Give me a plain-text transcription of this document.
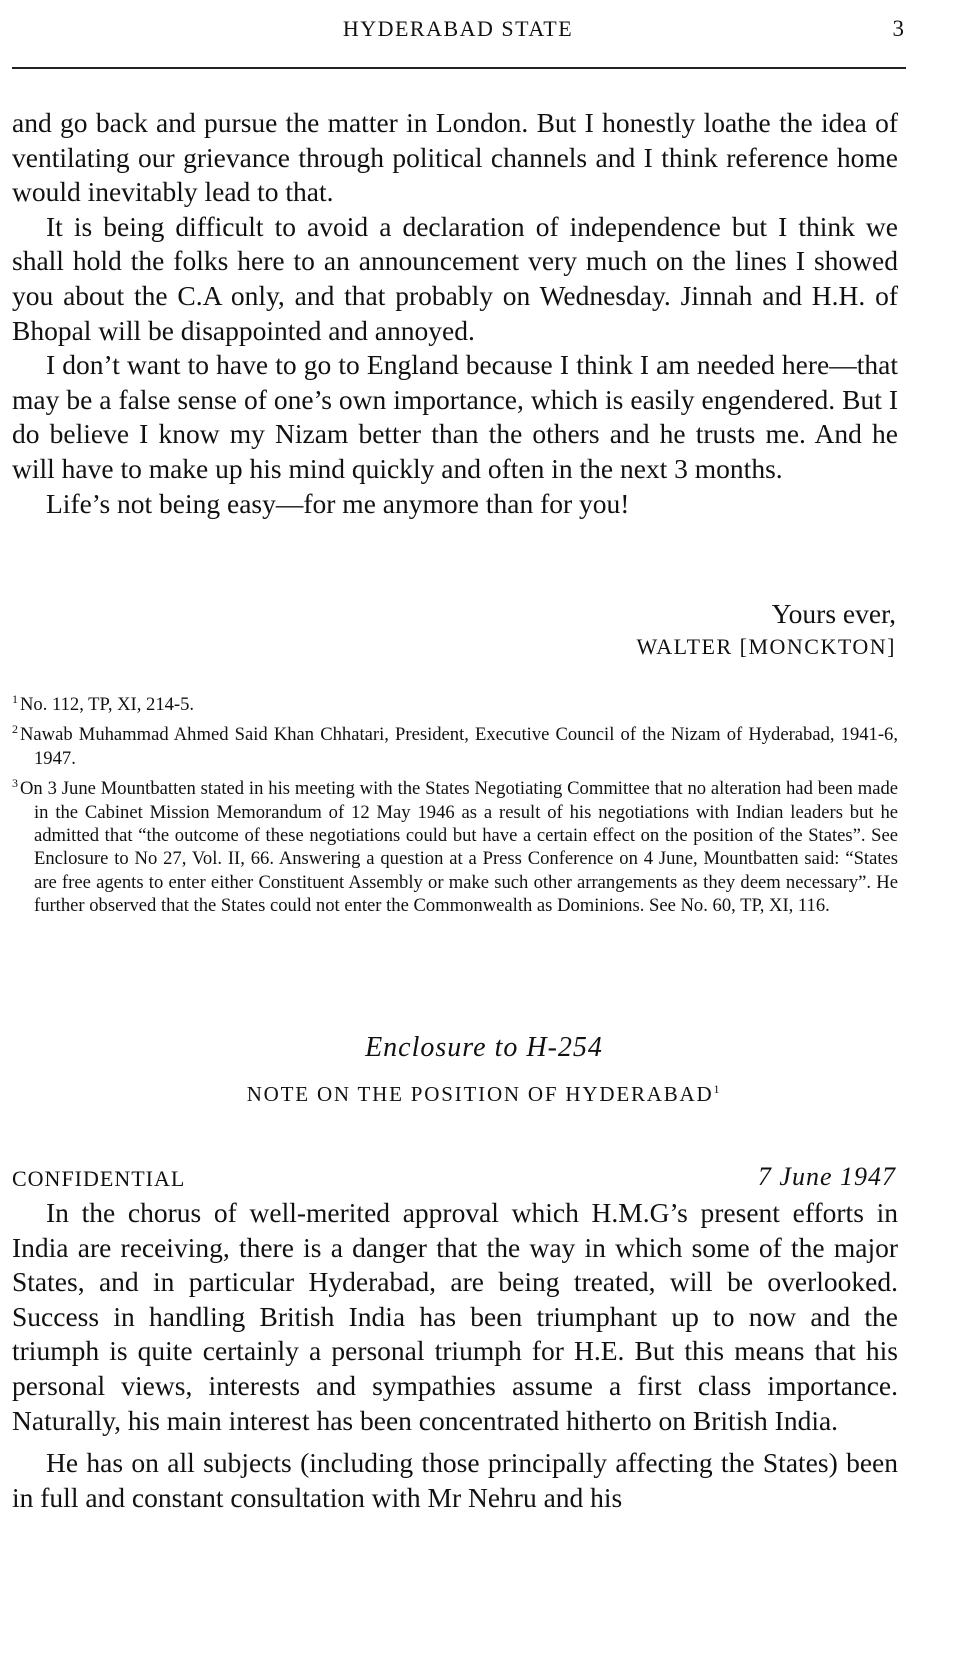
HYDERABAD STATE	3

and go back and pursue the matter in London. But I honestly loathe the idea of ventilating our grievance through political channels and I think reference home would inevitably lead to that.

It is being difficult to avoid a declaration of independence but I think we shall hold the folks here to an announcement very much on the lines I showed you about the C.A only, and that probably on Wednesday. Jinnah and H.H. of Bhopal will be disappointed and annoyed.

I don’t want to have to go to England because I think I am needed here—that may be a false sense of one’s own importance, which is easily engendered. But I do believe I know my Nizam better than the others and he trusts me. And he will have to make up his mind quickly and often in the next 3 months.

Life’s not being easy—for me anymore than for you!

Yours ever,
WALTER [MONCKTON]

$^1$ No. 112, TP, XI, 214-5.

$^2$ Nawab Muhammad Ahmed Said Khan Chhatari, President, Executive Council of the Nizam of Hyderabad, 1941-6, 1947.

$^3$ On 3 June Mountbatten stated in his meeting with the States Negotiating Committee that no alteration had been made in the Cabinet Mission Memorandum of 12 May 1946 as a result of his negotiations with Indian leaders but he admitted that “the outcome of these negotiations could but have a certain effect on the position of the States”. See Enclosure to No 27, Vol. II, 66. Answering a question at a Press Conference on 4 June, Mountbatten said: “States are free agents to enter either Constituent Assembly or make such other arrangements as they deem necessary”. He further observed that the States could not enter the Commonwealth as Dominions. See No. 60, TP, XI, 116.

Enclosure to H-254
NOTE ON THE POSITION OF HYDERABAD$^1$
CONFIDENTIAL	7 June 1947

In the chorus of well-merited approval which H.M.G’s present efforts in India are receiving, there is a danger that the way in which some of the major States, and in particular Hyderabad, are being treated, will be overlooked. Success in handling British India has been triumphant up to now and the triumph is quite certainly a personal triumph for H.E. But this means that his personal views, interests and sympathies assume a first class importance. Naturally, his main interest has been concentrated hitherto on British India.

He has on all subjects (including those principally affecting the States) been in full and constant consultation with Mr Nehru and his
